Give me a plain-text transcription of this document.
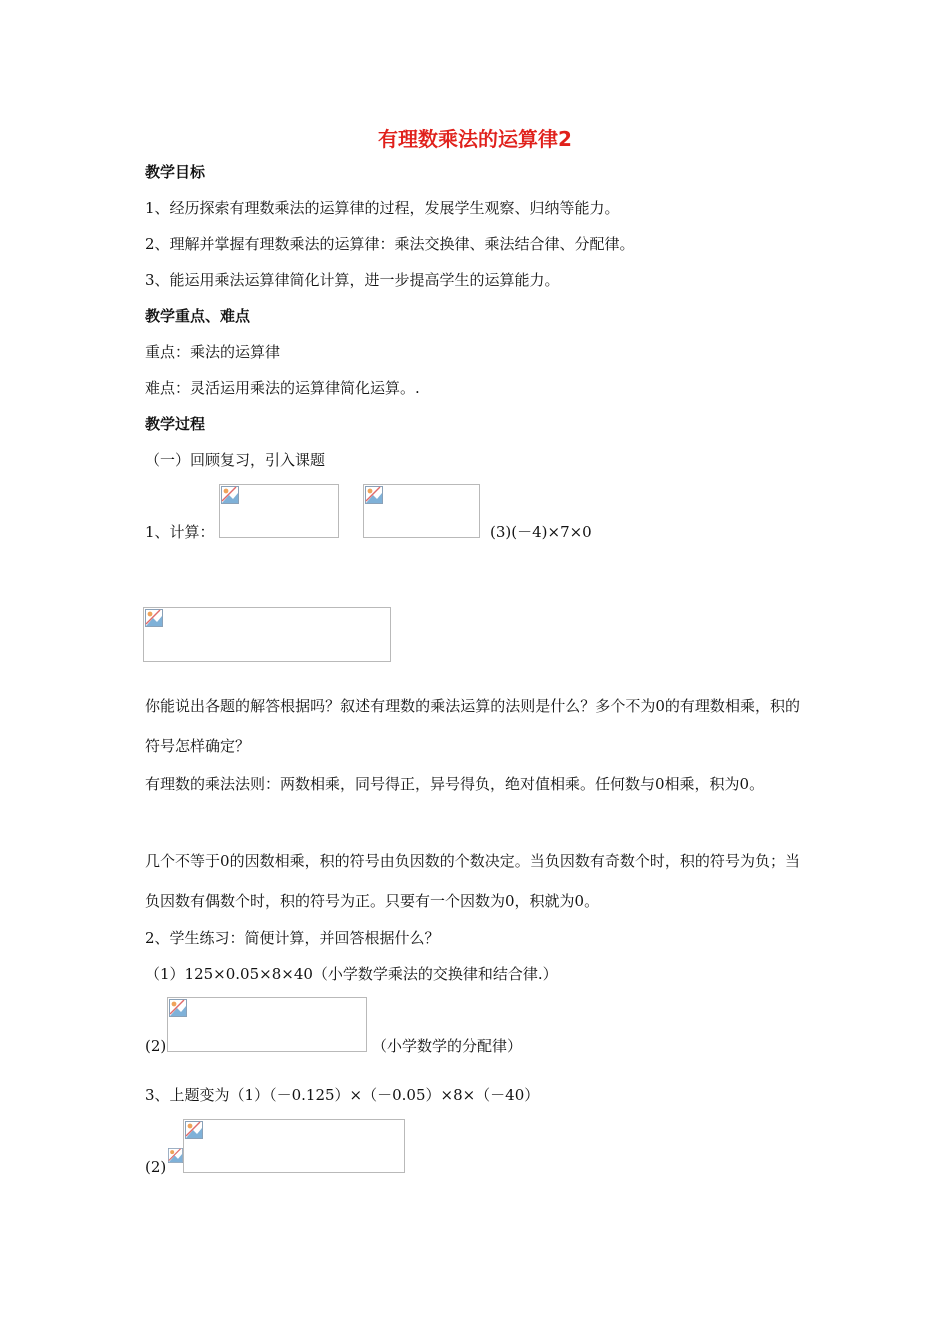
有理数乘法的运算律2
教学目标
1、经历探索有理数乘法的运算律的过程，发展学生观察、归纳等能力。
2、理解并掌握有理数乘法的运算律：乘法交换律、乘法结合律、分配律。
3、能运用乘法运算律简化计算，进一步提高学生的运算能力。
教学重点、难点
重点：乘法的运算律
难点：灵活运用乘法的运算律简化运算。.
教学过程
（一）回顾复习，引入课题
1、计算：	(3)(－4)×7×0
你能说出各题的解答根据吗？叙述有理数的乘法运算的法则是什么？多个不为0的有理数相乘，积的符号怎样确定？
有理数的乘法法则：两数相乘，同号得正，异号得负，绝对值相乘。任何数与0相乘，积为0。
几个不等于0的因数相乘，积的符号由负因数的个数决定。当负因数有奇数个时，积的符号为负；当负因数有偶数个时，积的符号为正。只要有一个因数为0，积就为0。
2、学生练习：简便计算，并回答根据什么？
（1）125×0.05×8×40（小学数学乘法的交换律和结合律.）
(2)	（小学数学的分配律）
3、上题变为（1）（－0.125）×（－0.05）×8×（－40）
(2)
